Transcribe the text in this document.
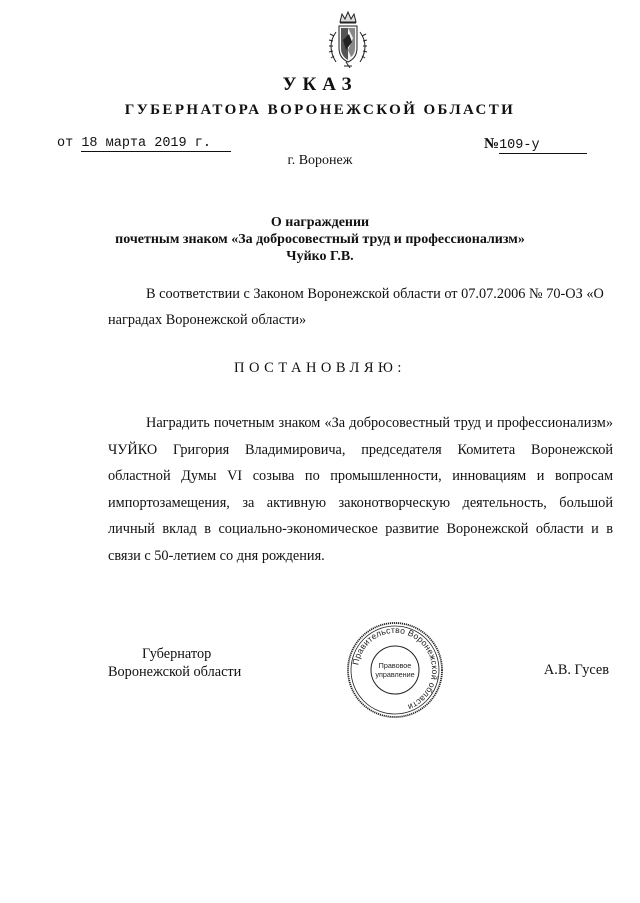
УКАЗ
ГУБЕРНАТОРА ВОРОНЕЖСКОЙ ОБЛАСТИ
от 18 марта 2019 г.	№109-у
г. Воронеж
О награждении
почетным знаком «За добросовестный труд и профессионализм»
Чуйко Г.В.
В соответствии с Законом Воронежской области от 07.07.2006 № 70-ОЗ «О наградах Воронежской области»
ПОСТАНОВЛЯЮ:
Наградить почетным знаком «За добросовестный труд и профессионализм» ЧУЙКО Григория Владимировича, председателя Комитета Воронежской областной Думы VI созыва по промышленности, инновациям и вопросам импортозамещения, за активную законотворческую деятельность, большой личный вклад в социально-экономическое развитие Воронежской области и в связи с 50-летием со дня рождения.
Губернатор
Воронежской области
Правительство Воронежской области
Правовое
управление	А.В. Гусев
